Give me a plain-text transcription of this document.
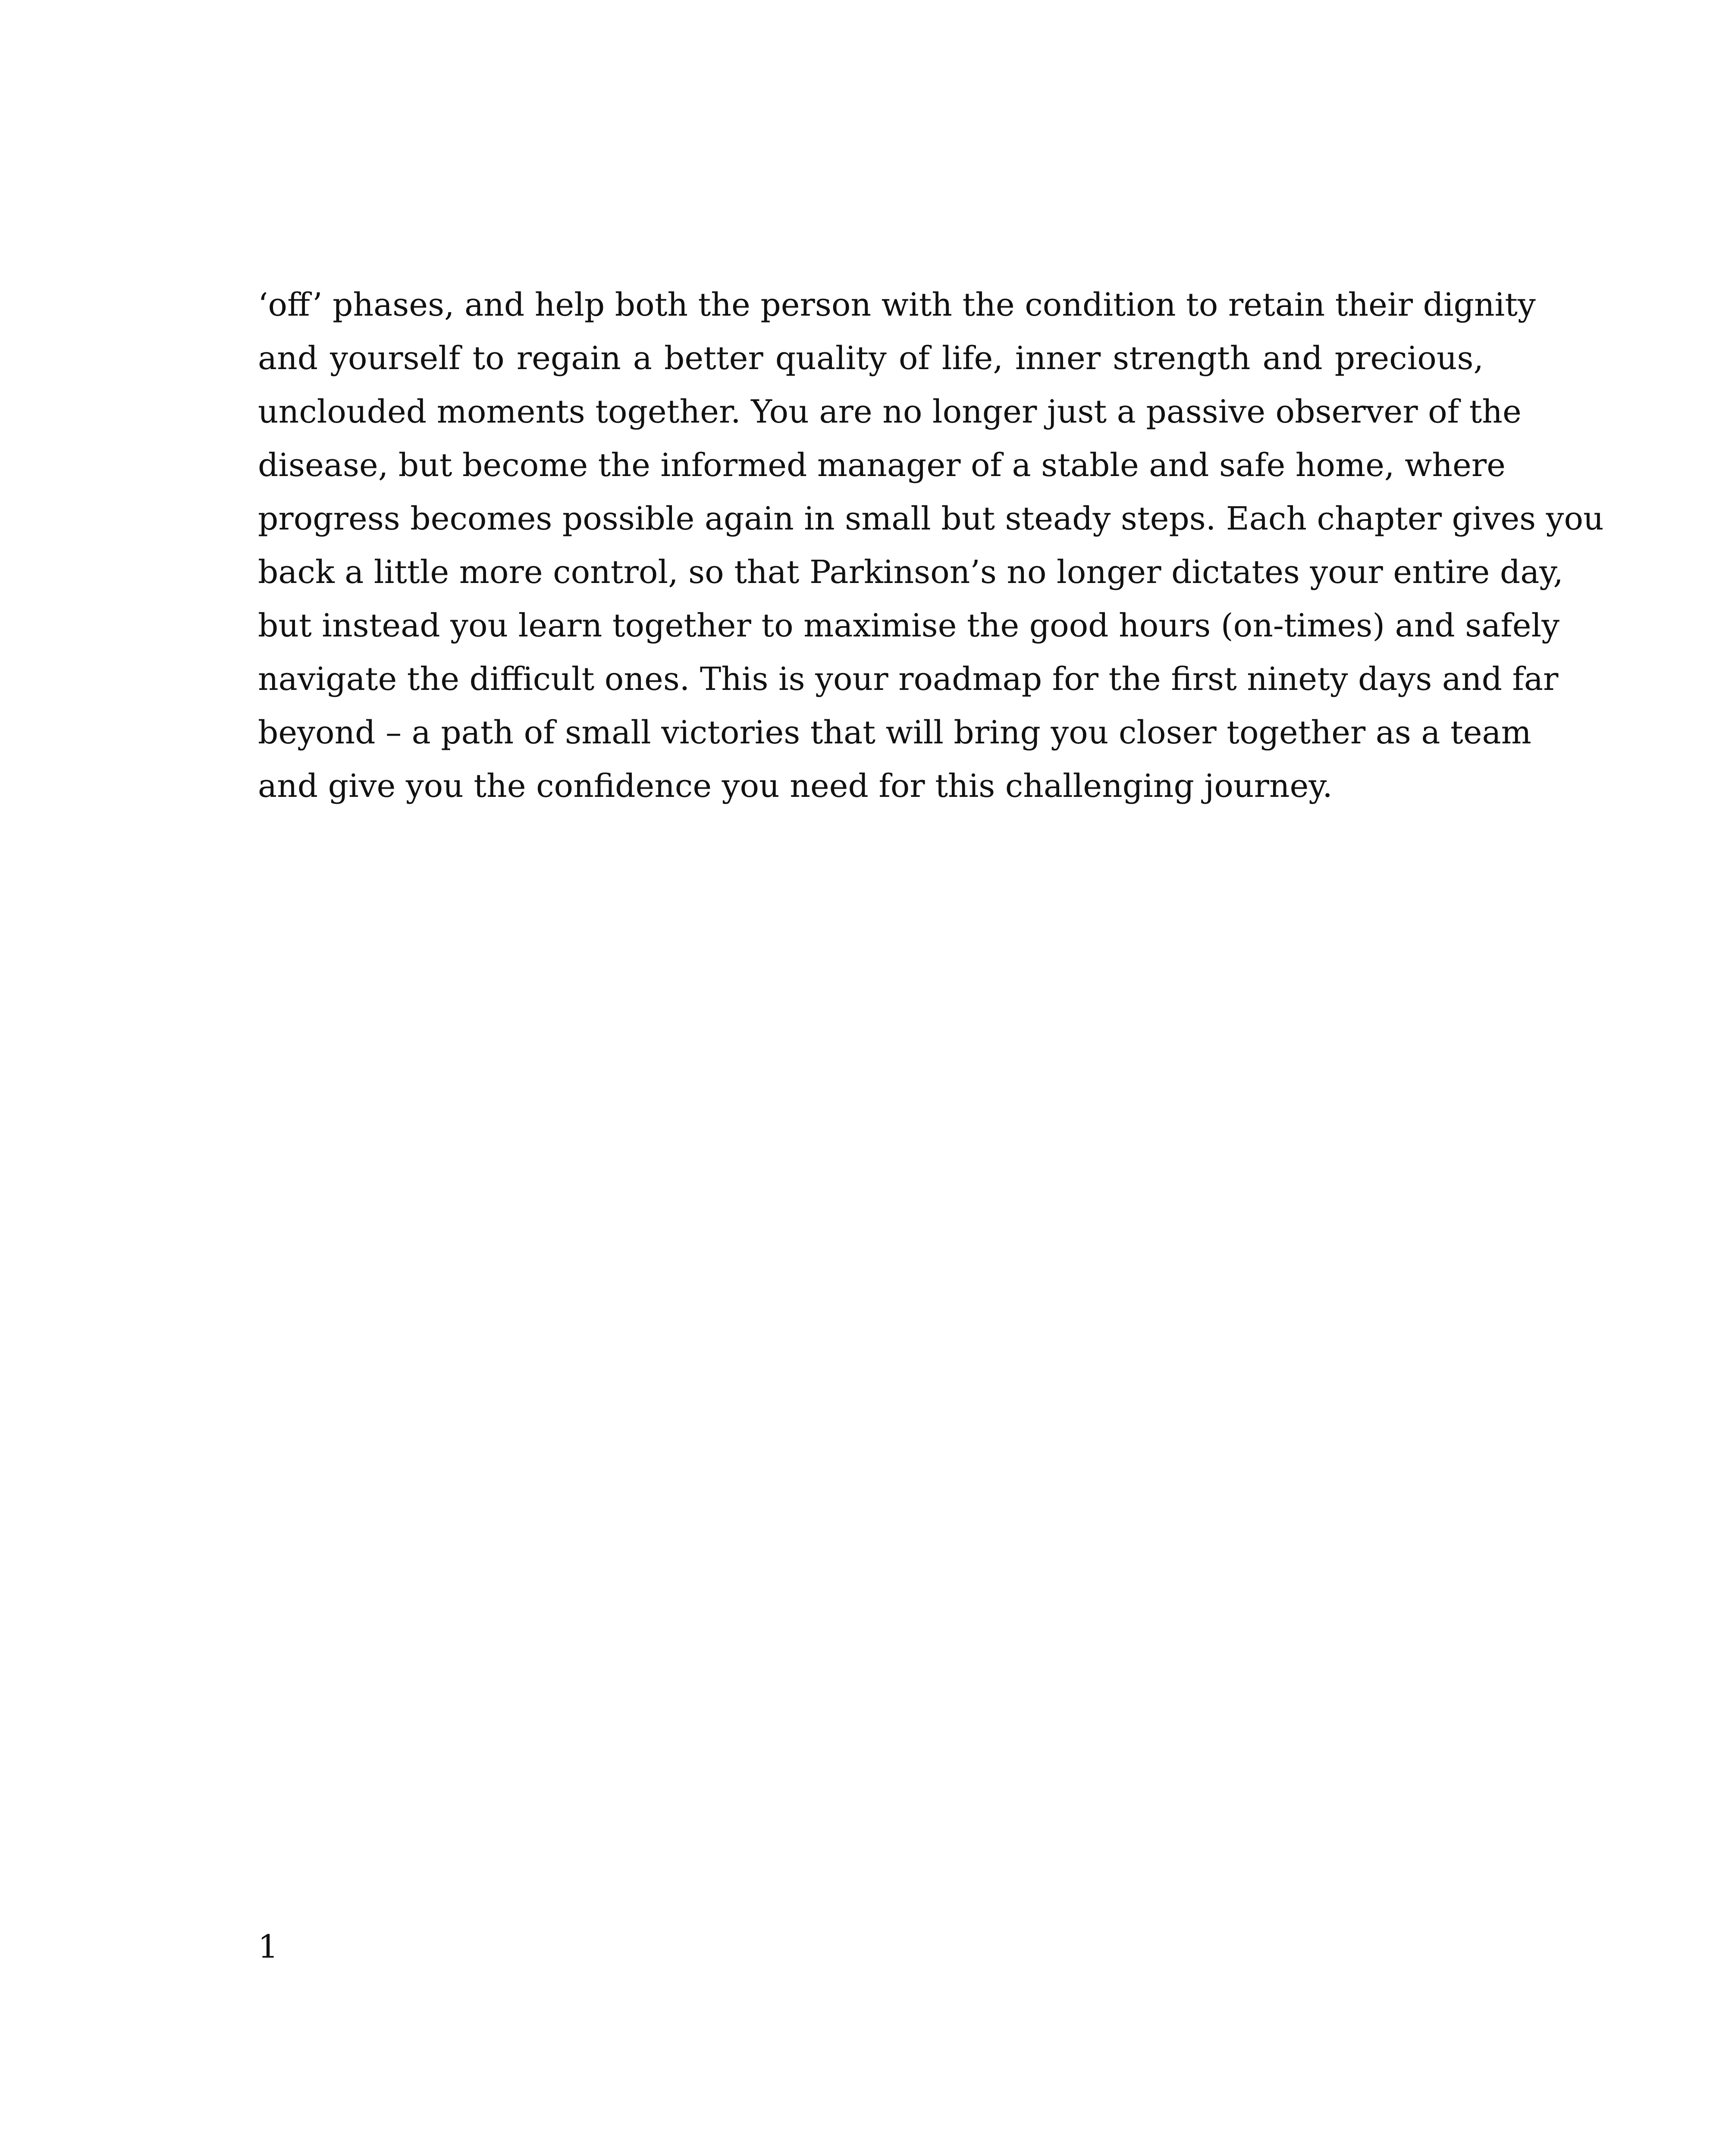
‘off’ phases, and help both the person with the condition to retain their dignity
and yourself to regain a better quality of life, inner strength and precious,
unclouded moments together. You are no longer just a passive observer of the
disease, but become the informed manager of a stable and safe home, where
progress becomes possible again in small but steady steps. Each chapter gives you
back a little more control, so that Parkinson’s no longer dictates your entire day,
but instead you learn together to maximise the good hours (on-times) and safely
navigate the difficult ones. This is your roadmap for the first ninety days and far
beyond – a path of small victories that will bring you closer together as a team
and give you the confidence you need for this challenging journey.
1
